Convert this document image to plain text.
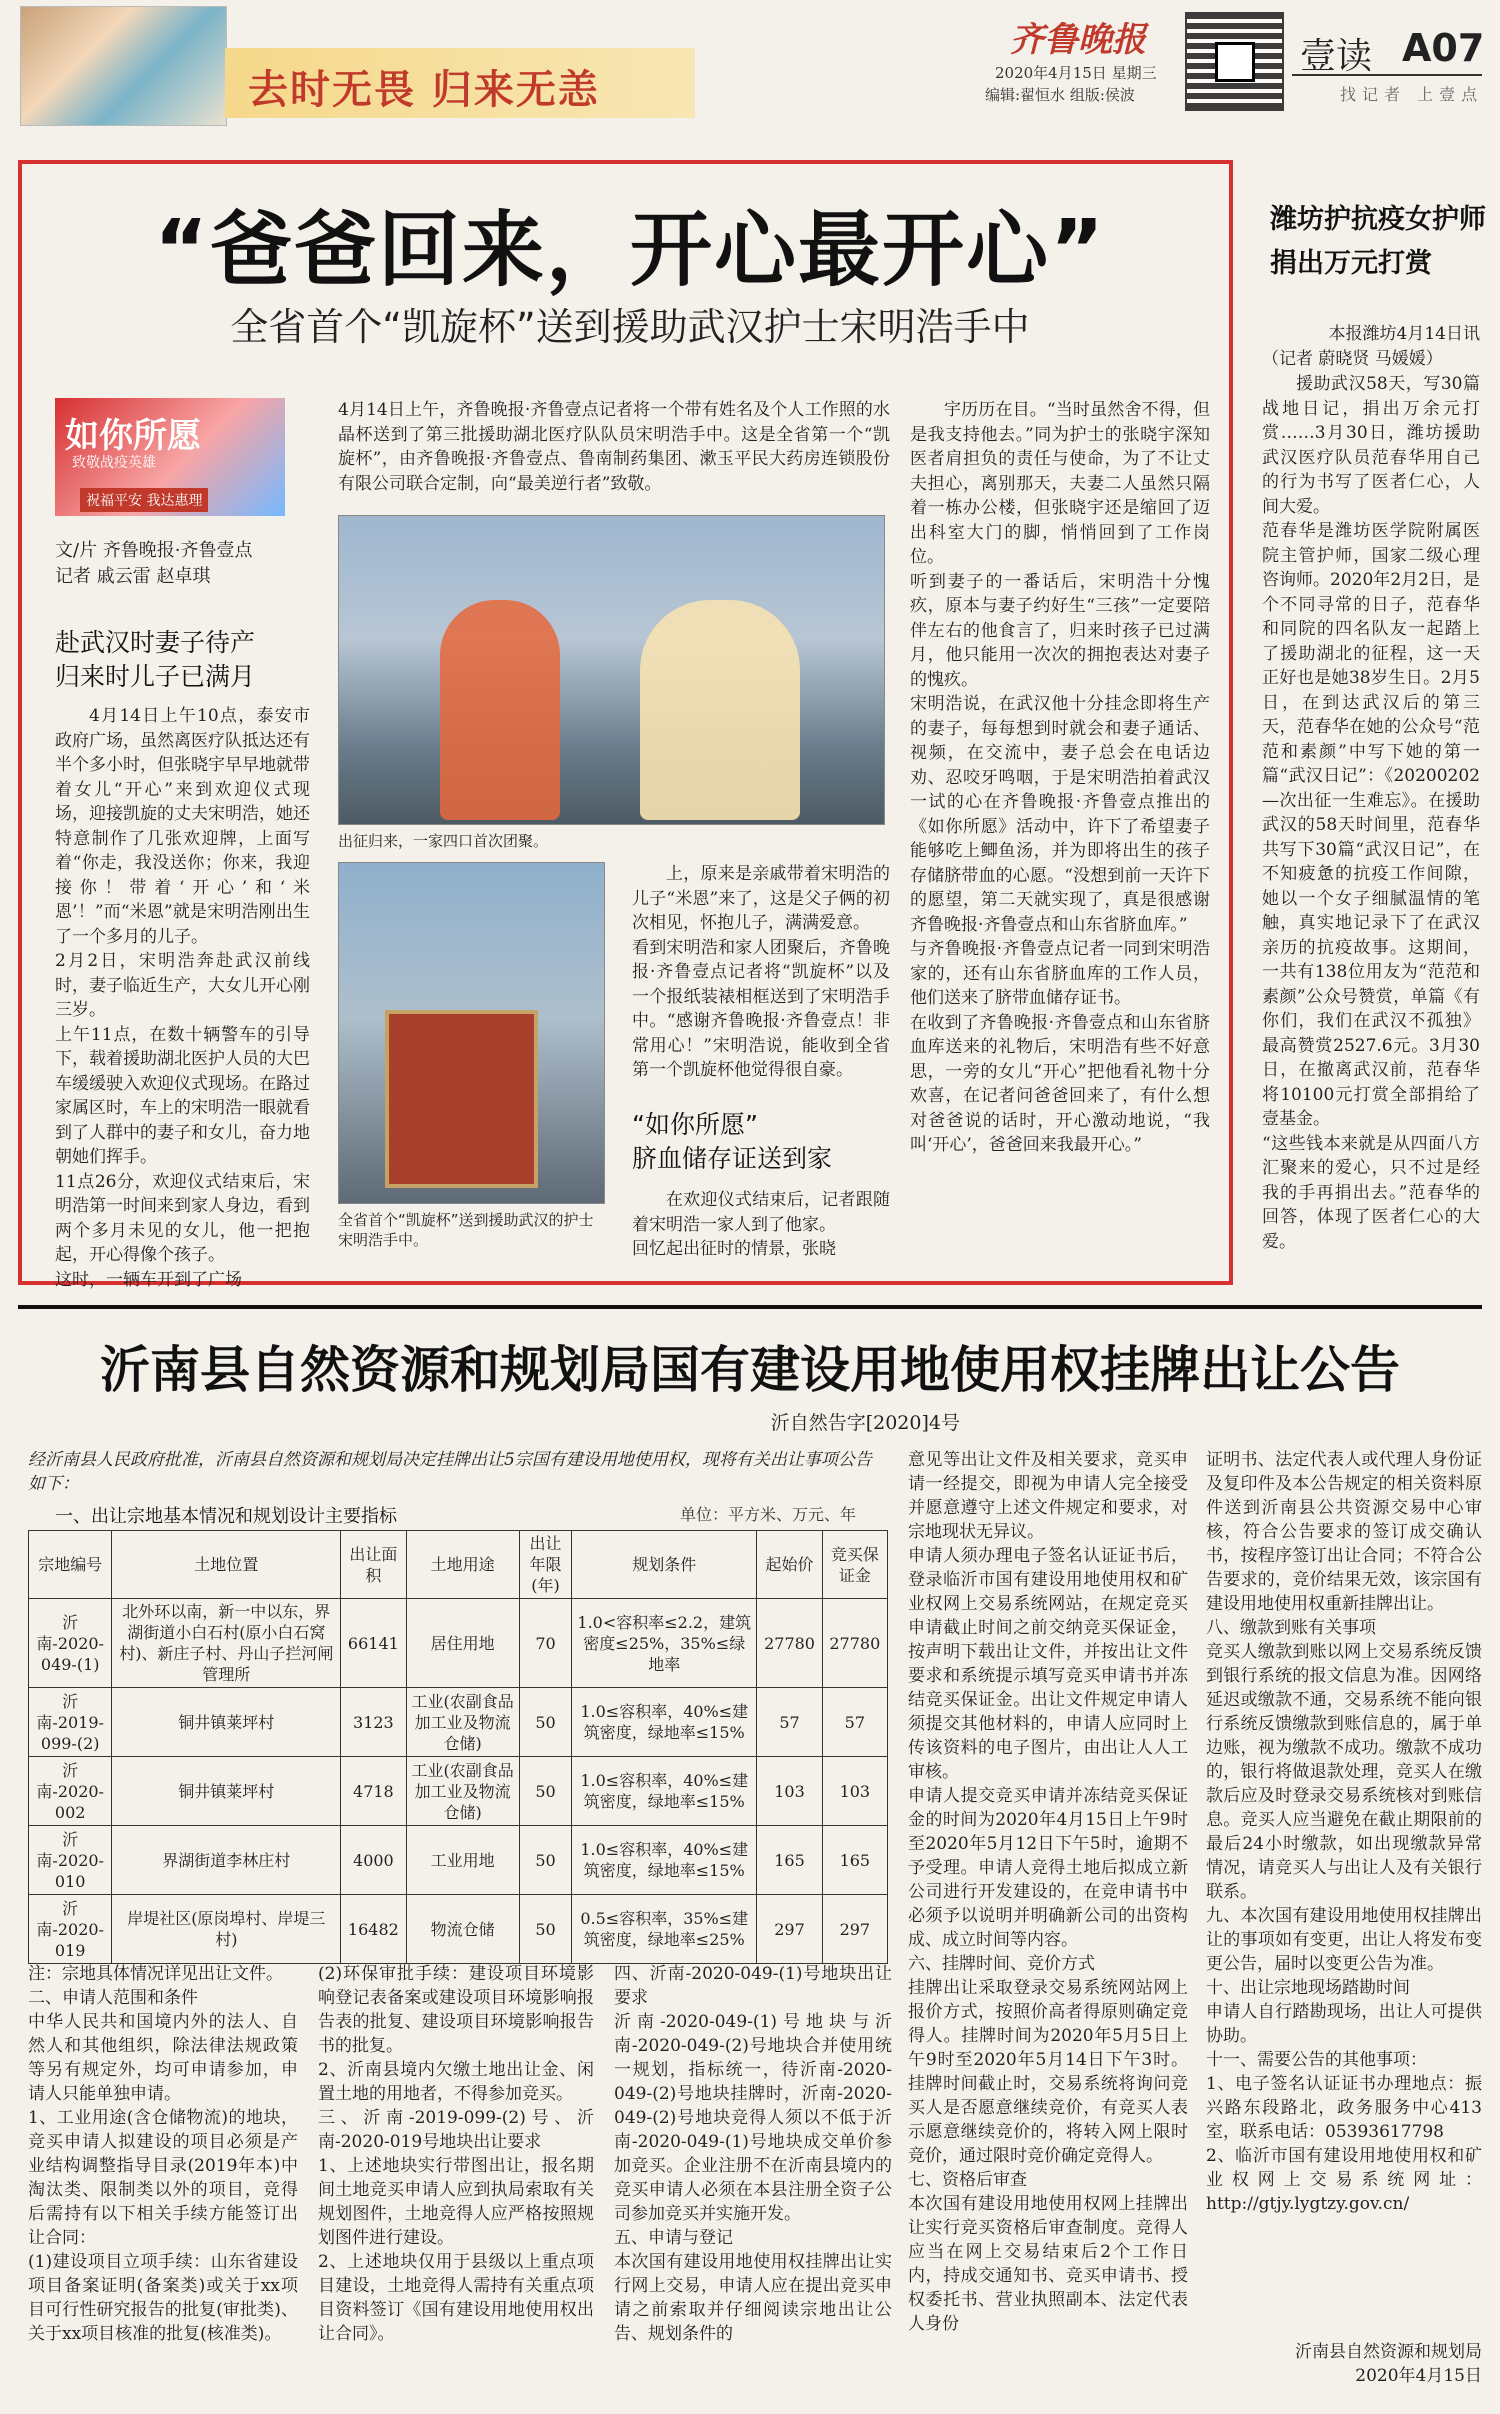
去时无畏 归来无恙
齐鲁晚报
2020年4月15日 星期三
编辑:翟恒水 组版:侯波
壹读 A07
找记者 上壹点
“爸爸回来，开心最开心”
全省首个“凯旋杯”送到援助武汉护士宋明浩手中
如你所愿
致敬战疫英雄
祝福平安 我达惠理
文/片 齐鲁晚报·齐鲁壹点
记者 戚云雷 赵卓琪
赴武汉时妻子待产
归来时儿子已满月
4月14日上午10点，泰安市政府广场，虽然离医疗队抵达还有半个多小时，但张晓宇早早地就带着女儿“开心”来到欢迎仪式现场，迎接凯旋的丈夫宋明浩，她还特意制作了几张欢迎牌，上面写着“你走，我没送你；你来，我迎接你！带着‘开心’和‘米恩’！”而“米恩”就是宋明浩刚出生了一个多月的儿子。
2月2日，宋明浩奔赴武汉前线时，妻子临近生产，大女儿开心刚三岁。
上午11点，在数十辆警车的引导下，载着援助湖北医护人员的大巴车缓缓驶入欢迎仪式现场。在路过家属区时，车上的宋明浩一眼就看到了人群中的妻子和女儿，奋力地朝她们挥手。
11点26分，欢迎仪式结束后，宋明浩第一时间来到家人身边，看到两个多月未见的女儿，他一把抱起，开心得像个孩子。
这时，一辆车开到了广场
4月14日上午，齐鲁晚报·齐鲁壹点记者将一个带有姓名及个人工作照的水晶杯送到了第三批援助湖北医疗队队员宋明浩手中。这是全省第一个“凯旋杯”，由齐鲁晚报·齐鲁壹点、鲁南制药集团、漱玉平民大药房连锁股份有限公司联合定制，向“最美逆行者”致敬。
出征归来，一家四口首次团聚。
全省首个“凯旋杯”送到援助武汉的护士宋明浩手中。
上，原来是亲戚带着宋明浩的儿子“米恩”来了，这是父子俩的初次相见，怀抱儿子，满满爱意。
看到宋明浩和家人团聚后，齐鲁晚报·齐鲁壹点记者将“凯旋杯”以及一个报纸装裱相框送到了宋明浩手中。“感谢齐鲁晚报·齐鲁壹点！非常用心！”宋明浩说，能收到全省第一个凯旋杯他觉得很自豪。
“如你所愿”
脐血储存证送到家
在欢迎仪式结束后，记者跟随着宋明浩一家人到了他家。
回忆起出征时的情景，张晓
宇历历在目。“当时虽然舍不得，但是我支持他去。”同为护士的张晓宇深知医者肩担负的责任与使命，为了不让丈夫担心，离别那天，夫妻二人虽然只隔着一栋办公楼，但张晓宇还是缩回了迈出科室大门的脚，悄悄回到了工作岗位。
听到妻子的一番话后，宋明浩十分愧疚，原本与妻子约好生“三孩”一定要陪伴左右的他食言了，归来时孩子已过满月，他只能用一次次的拥抱表达对妻子的愧疚。
宋明浩说，在武汉他十分挂念即将生产的妻子，每每想到时就会和妻子通话、视频，在交流中，妻子总会在电话边劝、忍咬牙鸣咽，于是宋明浩拍着武汉一试的心在齐鲁晚报·齐鲁壹点推出的《如你所愿》活动中，许下了希望妻子能够吃上鲫鱼汤，并为即将出生的孩子存储脐带血的心愿。“没想到前一天许下的愿望，第二天就实现了，真是很感谢齐鲁晚报·齐鲁壹点和山东省脐血库。”
与齐鲁晚报·齐鲁壹点记者一同到宋明浩家的，还有山东省脐血库的工作人员，他们送来了脐带血储存证书。
在收到了齐鲁晚报·齐鲁壹点和山东省脐血库送来的礼物后，宋明浩有些不好意思，一旁的女儿“开心”把他看礼物十分欢喜，在记者问爸爸回来了，有什么想对爸爸说的话时，开心激动地说，“我叫‘开心’，爸爸回来我最开心。”
潍坊护抗疫女护师
捐出万元打赏
本报潍坊4月14日讯
（记者 蔚晓贤 马媛媛）
援助武汉58天，写30篇战地日记，捐出万余元打赏……3月30日，潍坊援助武汉医疗队员范春华用自己的行为书写了医者仁心，人间大爱。
范春华是潍坊医学院附属医院主管护师，国家二级心理咨询师。2020年2月2日，是个不同寻常的日子，范春华和同院的四名队友一起踏上了援助湖北的征程，这一天正好也是她38岁生日。2月5日，在到达武汉后的第三天，范春华在她的公众号“范范和素颜”中写下她的第一篇“武汉日记”：《20200202—次出征一生难忘》。在援助武汉的58天时间里，范春华共写下30篇“武汉日记”，在不知疲惫的抗疫工作间隙，她以一个女子细腻温情的笔触，真实地记录下了在武汉亲历的抗疫故事。这期间，一共有138位用友为“范范和素颜”公众号赞赏，单篇《有你们，我们在武汉不孤独》最高赞赏2527.6元。3月30日，在撤离武汉前，范春华将10100元打赏全部捐给了壹基金。
“这些钱本来就是从四面八方汇聚来的爱心，只不过是经我的手再捐出去。”范春华的回答，体现了医者仁心的大爱。
沂南县自然资源和规划局国有建设用地使用权挂牌出让公告
沂自然告字[2020]4号
经沂南县人民政府批准，沂南县自然资源和规划局决定挂牌出让5宗国有建设用地使用权，现将有关出让事项公告如下：
一、出让宗地基本情况和规划设计主要指标	单位：平方米、万元、年
宗地编号	土地位置	出让面积	土地用途	出让年限(年)	规划条件	起始价	竞买保证金
沂南-2020-049-(1)	北外环以南，新一中以东，界湖街道小白石村(原小白石窝村)、新庄子村、丹山子拦河闸管理所	66141	居住用地	70	1.0<容积率≤2.2，建筑密度≤25%，35%≤绿地率	27780	27780
沂南-2019-099-(2)	铜井镇莱坪村	3123	工业(农副食品加工业及物流仓储)	50	1.0≤容积率，40%≤建筑密度，绿地率≤15%	57	57
沂南-2020-002	铜井镇莱坪村	4718	工业(农副食品加工业及物流仓储)	50	1.0≤容积率，40%≤建筑密度，绿地率≤15%	103	103
沂南-2020-010	界湖街道李林庄村	4000	工业用地	50	1.0≤容积率，40%≤建筑密度，绿地率≤15%	165	165
沂南-2020-019	岸堤社区(原岗埠村、岸堤三村)	16482	物流仓储	50	0.5≤容积率，35%≤建筑密度，绿地率≤25%	297	297
注：宗地具体情况详见出让文件。
二、申请人范围和条件
中华人民共和国境内外的法人、自然人和其他组织，除法律法规政策等另有规定外，均可申请参加，申请人只能单独申请。
1、工业用途(含仓储物流)的地块，竞买申请人拟建设的项目必须是产业结构调整指导目录(2019年本)中淘汰类、限制类以外的项目，竞得后需持有以下相关手续方能签订出让合同：
(1)建设项目立项手续：山东省建设项目备案证明(备案类)或关于xx项目可行性研究报告的批复(审批类)、关于xx项目核准的批复(核准类)。
(2)环保审批手续：建设项目环境影响登记表备案或建设项目环境影响报告表的批复、建设项目环境影响报告书的批复。
2、沂南县境内欠缴土地出让金、闲置土地的用地者，不得参加竞买。
三、沂南-2019-099-(2)号、沂南-2020-019号地块出让要求
1、上述地块实行带图出让，报名期间土地竞买申请人应到执局索取有关规划图件，土地竞得人应严格按照规划图件进行建设。
2、上述地块仅用于县级以上重点项目建设，土地竞得人需持有关重点项目资料签订《国有建设用地使用权出让合同》。
四、沂南-2020-049-(1)号地块出让要求
沂南-2020-049-(1)号地块与沂南-2020-049-(2)号地块合并使用统一规划，指标统一，待沂南-2020-049-(2)号地块挂牌时，沂南-2020-049-(2)号地块竞得人须以不低于沂南-2020-049-(1)号地块成交单价参加竞买。企业注册不在沂南县境内的竞买申请人必须在本县注册全资子公司参加竞买并实施开发。
五、申请与登记
本次国有建设用地使用权挂牌出让实行网上交易，申请人应在提出竞买申请之前索取并仔细阅读宗地出让公告、规划条件的
意见等出让文件及相关要求，竞买申请一经提交，即视为申请人完全接受并愿意遵守上述文件规定和要求，对宗地现状无异议。
申请人须办理电子签名认证证书后，登录临沂市国有建设用地使用权和矿业权网上交易系统网站，在规定竞买申请截止时间之前交纳竞买保证金，按声明下载出让文件，并按出让文件要求和系统提示填写竞买申请书并冻结竞买保证金。出让文件规定申请人须提交其他材料的，申请人应同时上传该资料的电子图片，由出让人人工审核。
申请人提交竞买申请并冻结竞买保证金的时间为2020年4月15日上午9时至2020年5月12日下午5时，逾期不予受理。申请人竞得土地后拟成立新公司进行开发建设的，在竞申请书中必须予以说明并明确新公司的出资构成、成立时间等内容。
六、挂牌时间、竞价方式
挂牌出让采取登录交易系统网站网上报价方式，按照价高者得原则确定竞得人。挂牌时间为2020年5月5日上午9时至2020年5月14日下午3时。挂牌时间截止时，交易系统将询问竞买人是否愿意继续竞价，有竞买人表示愿意继续竞价的，将转入网上限时竞价，通过限时竞价确定竞得人。
七、资格后审查
本次国有建设用地使用权网上挂牌出让实行竞买资格后审查制度。竞得人应当在网上交易结束后2个工作日内，持成交通知书、竞买申请书、授权委托书、营业执照副本、法定代表人身份
证明书、法定代表人或代理人身份证及复印件及本公告规定的相关资料原件送到沂南县公共资源交易中心审核，符合公告要求的签订成交确认书，按程序签订出让合同；不符合公告要求的，竞价结果无效，该宗国有建设用地使用权重新挂牌出让。
八、缴款到账有关事项
竞买人缴款到账以网上交易系统反馈到银行系统的报文信息为准。因网络延迟或缴款不通，交易系统不能向银行系统反馈缴款到账信息的，属于单边账，视为缴款不成功。缴款不成功的，银行将做退款处理，竞买人在缴款后应及时登录交易系统核对到账信息。竞买人应当避免在截止期限前的最后24小时缴款，如出现缴款异常情况，请竞买人与出让人及有关银行联系。
九、本次国有建设用地使用权挂牌出让的事项如有变更，出让人将发布变更公告，届时以变更公告为准。
十、出让宗地现场踏勘时间
申请人自行踏勘现场，出让人可提供协助。
十一、需要公告的其他事项：
1、电子签名认证证书办理地点：振兴路东段路北，政务服务中心413室，联系电话：05393617798
2、临沂市国有建设用地使用权和矿业权网上交易系统网址：http://gtjy.lygtzy.gov.cn/
沂南县自然资源和规划局
2020年4月15日
